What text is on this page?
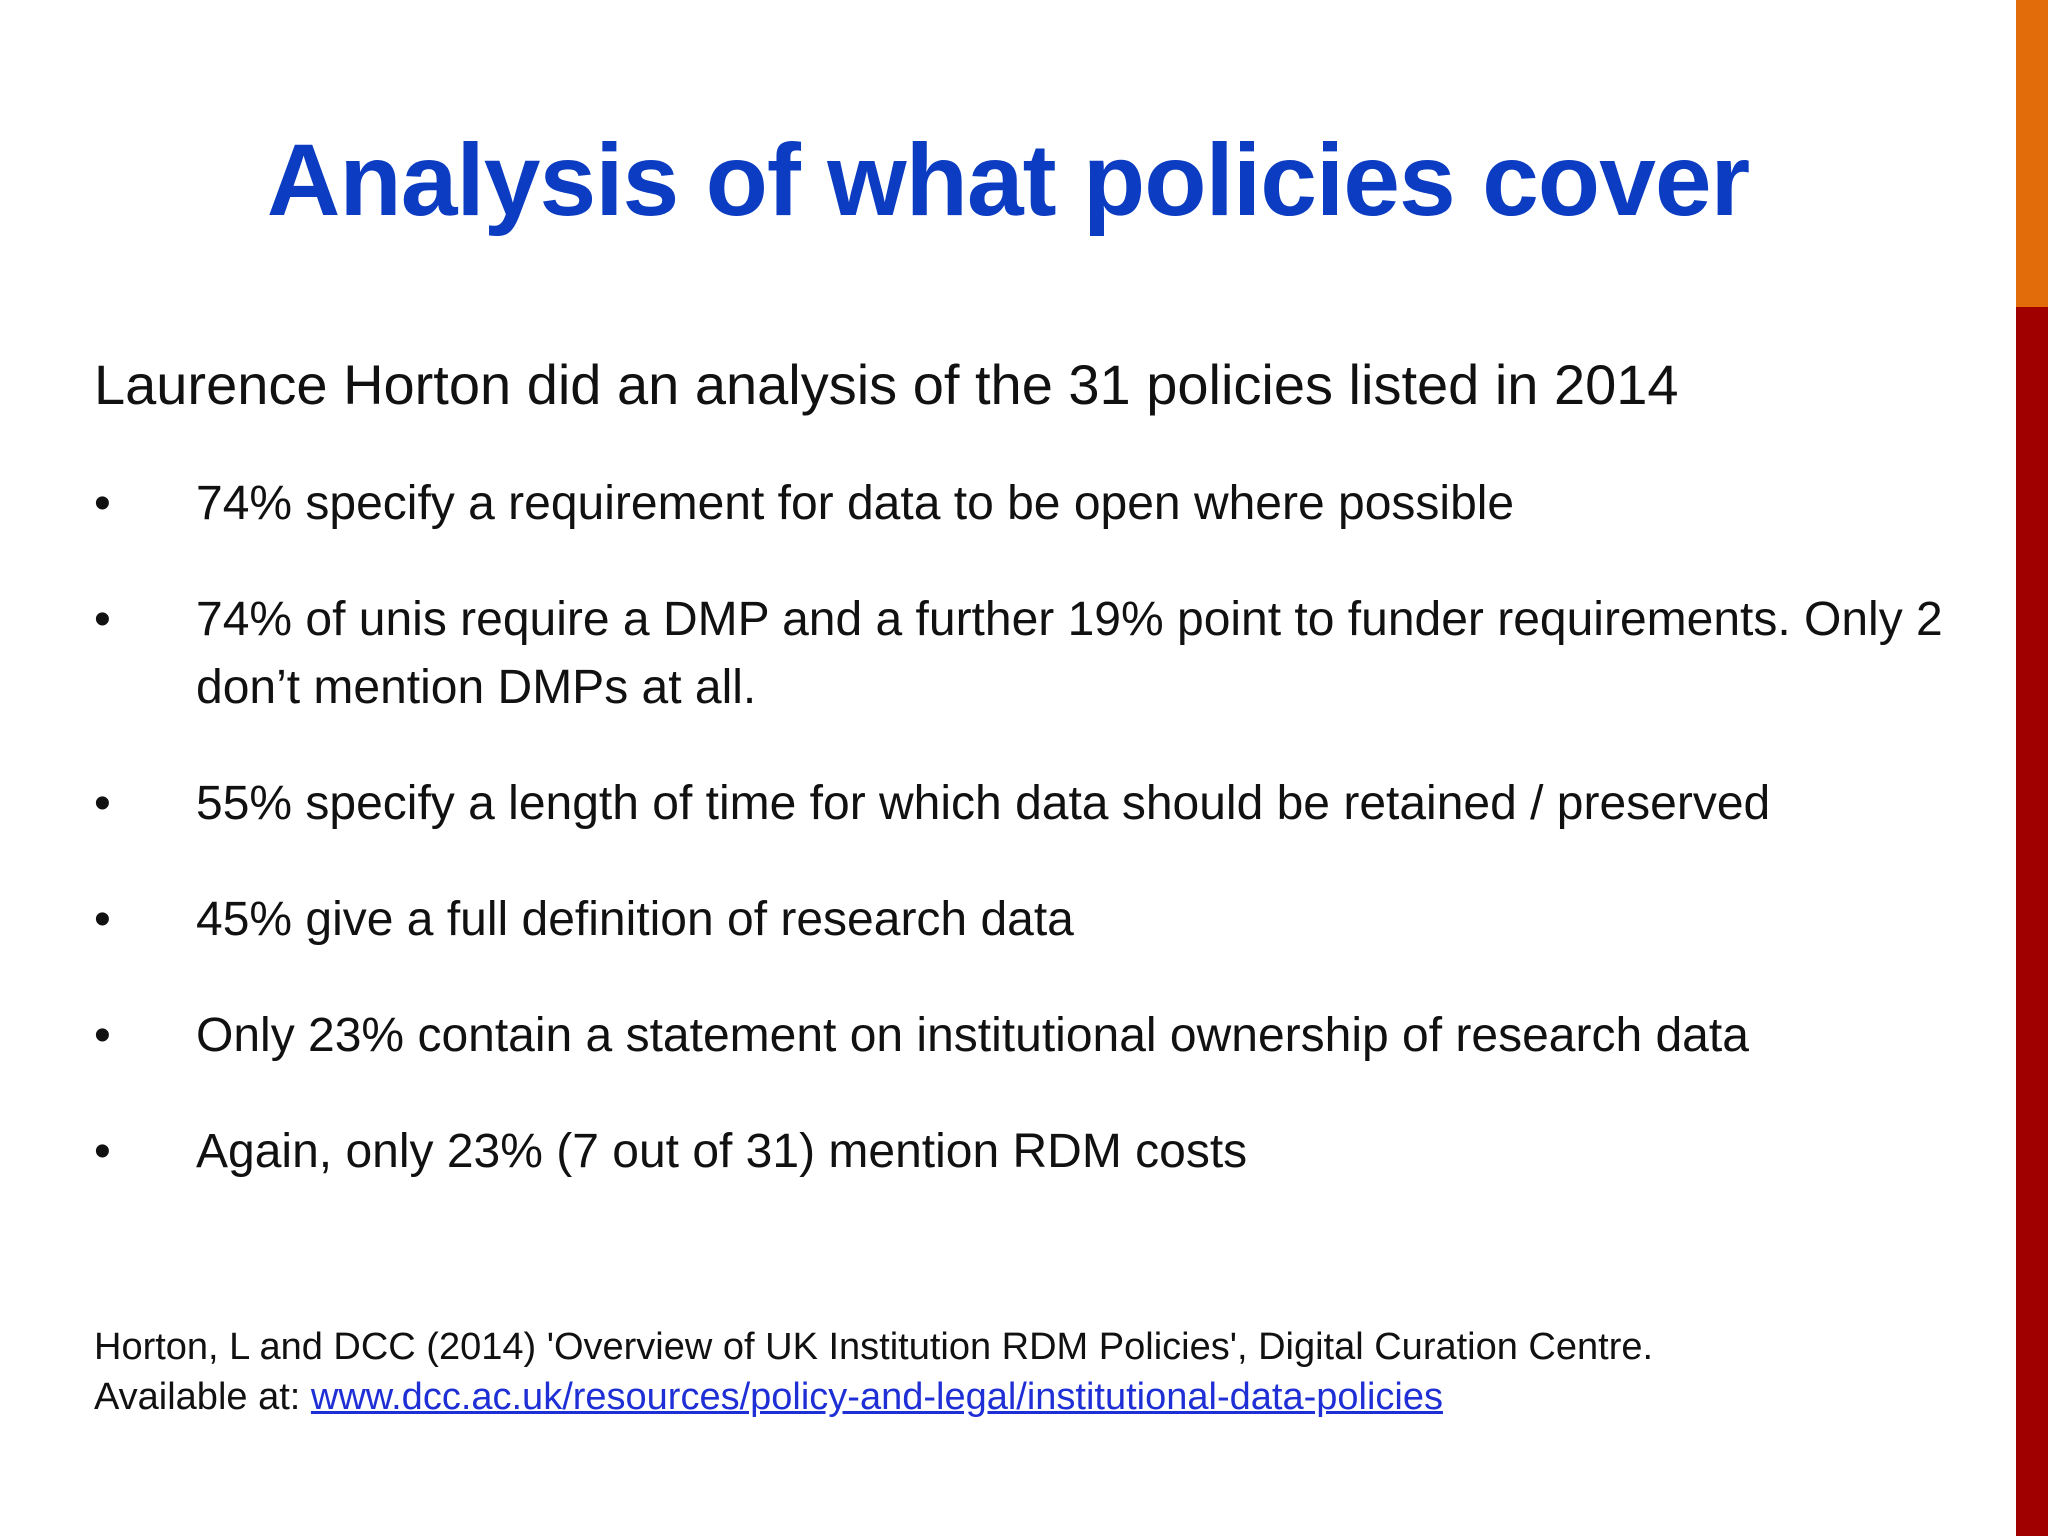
Analysis of what policies cover

Laurence Horton did an analysis of the 31 policies listed in 2014

•	74% specify a requirement for data to be open where possible
•	74% of unis require a DMP and a further 19% point to funder requirements. Only 2 don’t mention DMPs at all.
•	55% specify a length of time for which data should be retained / preserved
•	45% give a full definition of research data
•	Only 23% contain a statement on institutional ownership of research data
•	Again, only 23% (7 out of 31) mention RDM costs

Horton, L and DCC (2014) 'Overview of UK Institution RDM Policies', Digital Curation Centre.
Available at: www.dcc.ac.uk/resources/policy-and-legal/institutional-data-policies
